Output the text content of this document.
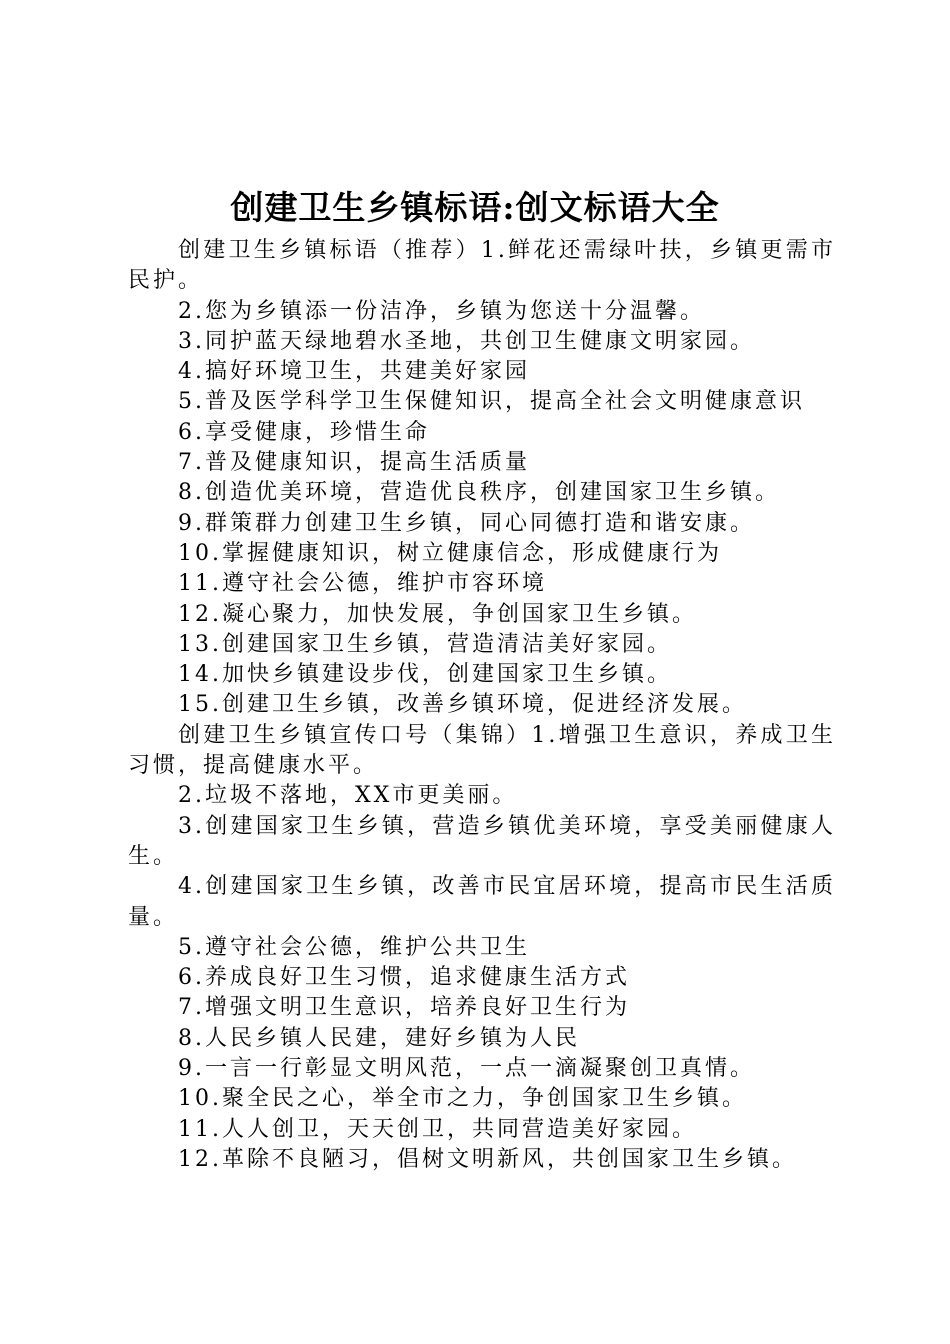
创建卫生乡镇标语:创文标语大全

创建卫生乡镇标语（推荐）1.鲜花还需绿叶扶，乡镇更需市民护。

2.您为乡镇添一份洁净，乡镇为您送十分温馨。

3.同护蓝天绿地碧水圣地，共创卫生健康文明家园。

4.搞好环境卫生，共建美好家园

5.普及医学科学卫生保健知识，提高全社会文明健康意识

6.享受健康，珍惜生命

7.普及健康知识，提高生活质量

8.创造优美环境，营造优良秩序，创建国家卫生乡镇。

9.群策群力创建卫生乡镇，同心同德打造和谐安康。

10.掌握健康知识，树立健康信念，形成健康行为

11.遵守社会公德，维护市容环境

12.凝心聚力，加快发展，争创国家卫生乡镇。

13.创建国家卫生乡镇，营造清洁美好家园。

14.加快乡镇建设步伐，创建国家卫生乡镇。

15.创建卫生乡镇，改善乡镇环境，促进经济发展。

创建卫生乡镇宣传口号（集锦）1.增强卫生意识，养成卫生习惯，提高健康水平。

2.垃圾不落地，XX市更美丽。

3.创建国家卫生乡镇，营造乡镇优美环境，享受美丽健康人生。

4.创建国家卫生乡镇，改善市民宜居环境，提高市民生活质量。

5.遵守社会公德，维护公共卫生

6.养成良好卫生习惯，追求健康生活方式

7.增强文明卫生意识，培养良好卫生行为

8.人民乡镇人民建，建好乡镇为人民

9.一言一行彰显文明风范，一点一滴凝聚创卫真情。

10.聚全民之心，举全市之力，争创国家卫生乡镇。

11.人人创卫，天天创卫，共同营造美好家园。

12.革除不良陋习，倡树文明新风，共创国家卫生乡镇。
